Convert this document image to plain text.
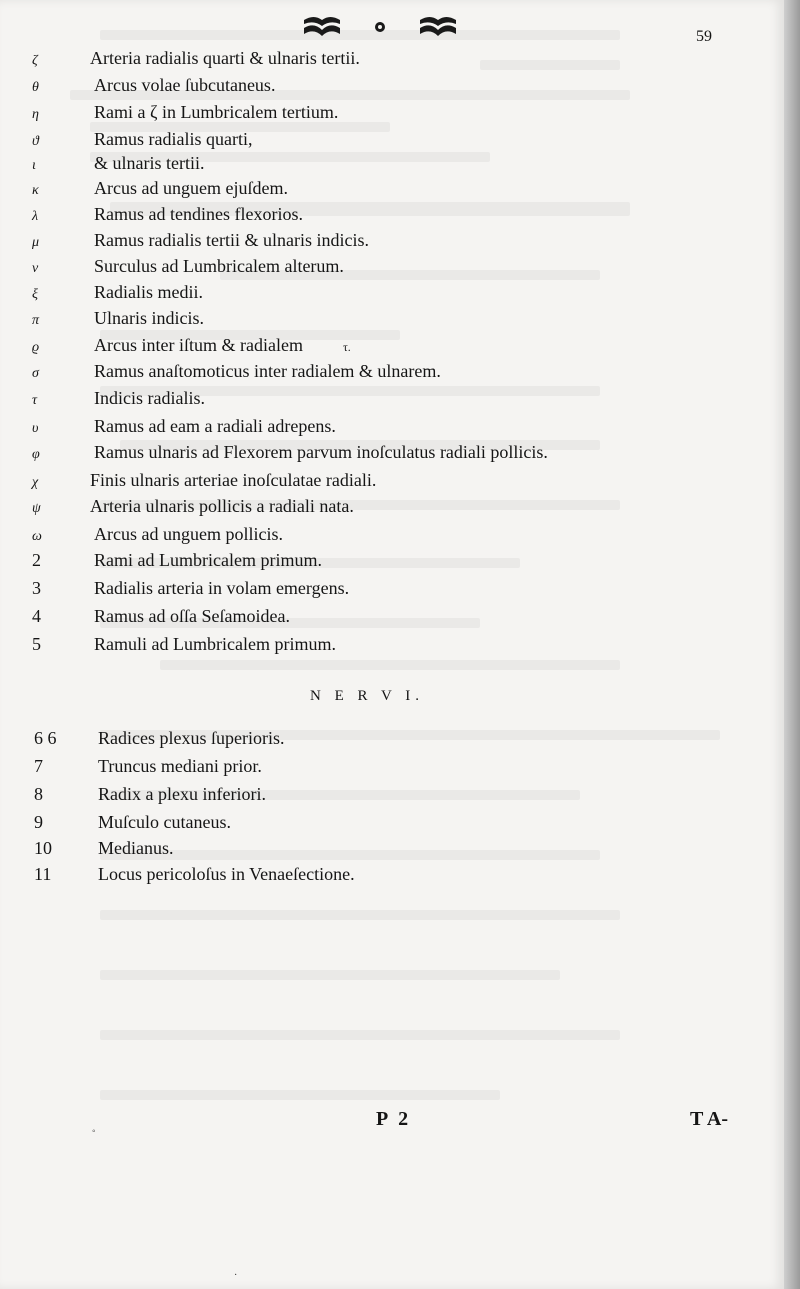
59
ζ	Arteria radialis quarti & ulnaris tertii.
θ	Arcus volae ſubcutaneus.
η	Rami a ζ in Lumbricalem tertium.
ϑ	Ramus radialis quarti,
ι	& ulnaris tertii.
κ	Arcus ad unguem ejuſdem.
λ	Ramus ad tendines flexorios.
μ	Ramus radialis tertii & ulnaris indicis.
ν	Surculus ad Lumbricalem alterum.
ξ	Radialis medii.
π	Ulnaris indicis.
ϱ	Arcus inter iſtum & radialem	τ.
σ	Ramus anaſtomoticus inter radialem & ulnarem.
τ	Indicis radialis.
υ	Ramus ad eam a radiali adrepens.
φ	Ramus ulnaris ad Flexorem parvum inoſculatus radiali pollicis.
χ	Finis ulnaris arteriae inoſculatae radiali.
ψ	Arteria ulnaris pollicis a radiali nata.
ω	Arcus ad unguem pollicis.
2	Rami ad Lumbricalem primum.
3	Radialis arteria in volam emergens.
4	Ramus ad oſſa Seſamoidea.
5	Ramuli ad Lumbricalem primum.
N E R V I.
6 6	Radices plexus ſuperioris.
7	Truncus mediani prior.
8	Radix a plexu inferiori.
9	Muſculo cutaneus.
10	Medianus.
11	Locus pericoloſus in Venaeſectione.
P 2	T A-
◦
·
